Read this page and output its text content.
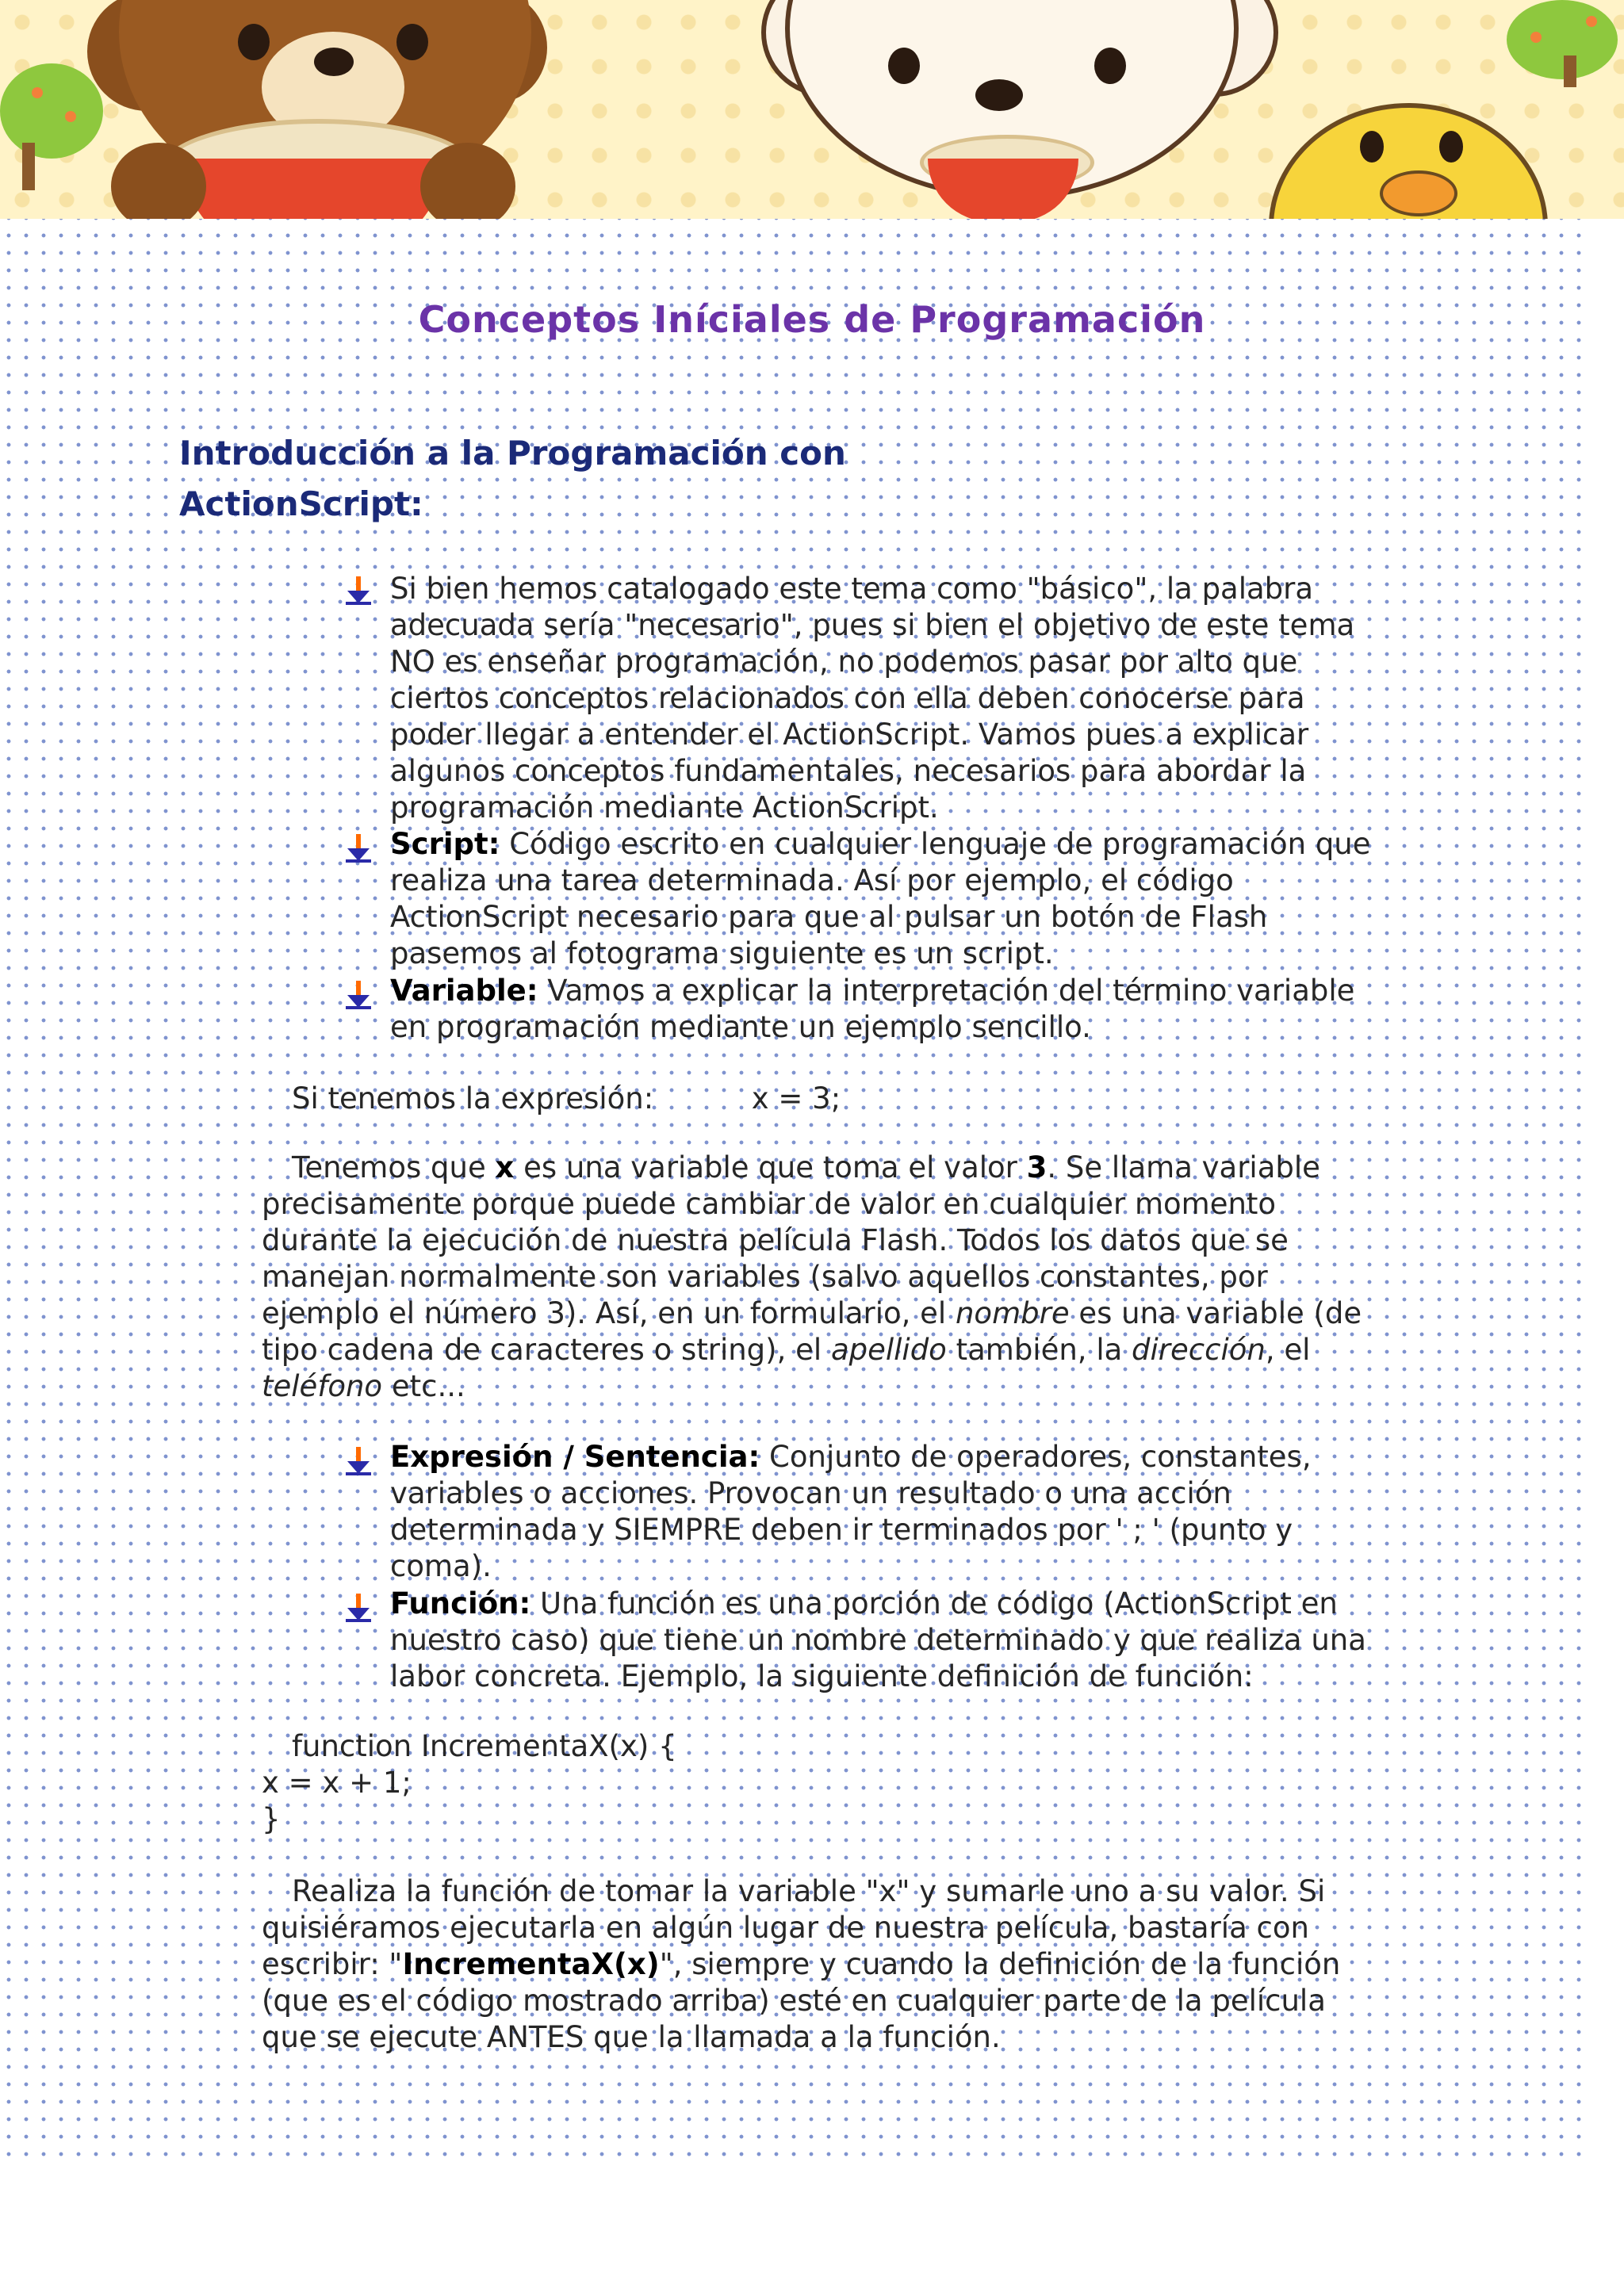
Conceptos Iníciales de Programación
Introducción a la Programación con
ActionScript:
Si bien hemos catalogado este tema como "básico", la palabra
adecuada sería "necesario", pues si bien el objetivo de este tema
NO es enseñar programación, no podemos pasar por alto que
ciertos conceptos relacionados con ella deben conocerse para
poder llegar a entender el ActionScript. Vamos pues a explicar
algunos conceptos fundamentales, necesarios para abordar la
programación mediante ActionScript.
Script: Código escrito en cualquier lenguaje de programación que
realiza una tarea determinada. Así por ejemplo, el código
ActionScript necesario para que al pulsar un botón de Flash
pasemos al fotograma siguiente es un script.
Variable: Vamos a explicar la interpretación del término variable
en programación mediante un ejemplo sencillo.
Si tenemos la expresión:	x = 3;
Tenemos que x es una variable que toma el valor 3. Se llama variable
precisamente porque puede cambiar de valor en cualquier momento
durante la ejecución de nuestra película Flash. Todos los datos que se
manejan normalmente son variables (salvo aquellos constantes, por
ejemplo el número 3). Así, en un formulario, el nombre es una variable (de
tipo cadena de caracteres o string), el apellido también, la dirección, el
teléfono etc...
Expresión / Sentencia: Conjunto de operadores, constantes,
variables o acciones. Provocan un resultado o una acción
determinada y SIEMPRE deben ir terminados por ' ; ' (punto y
coma).
Función: Una función es una porción de código (ActionScript en
nuestro caso) que tiene un nombre determinado y que realiza una
labor concreta. Ejemplo, la siguiente definición de función:
function IncrementaX(x) {
x = x + 1;
}
Realiza la función de tomar la variable "x" y sumarle uno a su valor. Si
quisiéramos ejecutarla en algún lugar de nuestra película, bastaría con
escribir: "IncrementaX(x)", siempre y cuando la definición de la función
(que es el código mostrado arriba) esté en cualquier parte de la película
que se ejecute ANTES que la llamada a la función.
